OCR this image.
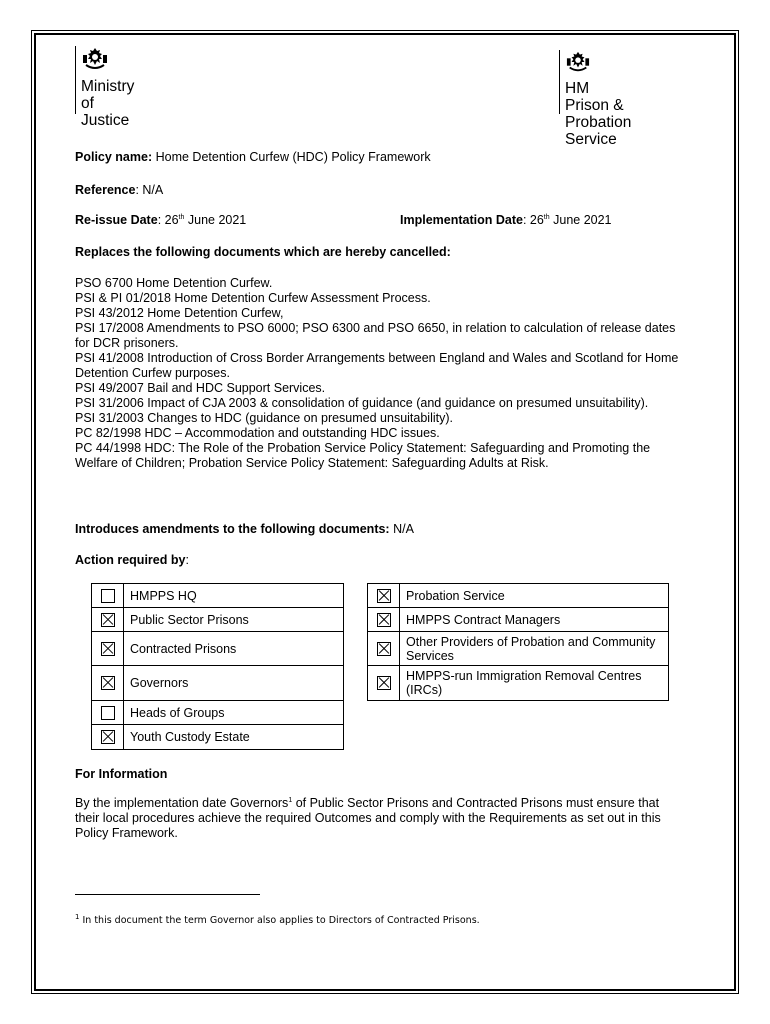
Ministry
of Justice
HM Prison &
Probation Service
Policy name: Home Detention Curfew (HDC) Policy Framework
Reference: N/A
Re-issue Date: 26th June 2021	Implementation Date: 26th June 2021
Replaces the following documents which are hereby cancelled:
PSO 6700 Home Detention Curfew.
PSI & PI 01/2018 Home Detention Curfew Assessment Process.
PSI 43/2012 Home Detention Curfew,
PSI 17/2008 Amendments to PSO 6000; PSO 6300 and PSO 6650, in relation to calculation of release dates for DCR prisoners.
PSI 41/2008 Introduction of Cross Border Arrangements between England and Wales and Scotland for Home Detention Curfew purposes.
PSI 49/2007 Bail and HDC Support Services.
PSI 31/2006 Impact of CJA 2003 & consolidation of guidance (and guidance on presumed unsuitability).
PSI 31/2003 Changes to HDC (guidance on presumed unsuitability).
PC 82/1998 HDC – Accommodation and outstanding HDC issues.
PC 44/1998 HDC: The Role of the Probation Service Policy Statement: Safeguarding and Promoting the Welfare of Children; Probation Service Policy Statement: Safeguarding Adults at Risk.
Introduces amendments to the following documents: N/A
Action required by:
	HMPPS HQ
	Public Sector Prisons
	Contracted Prisons
	Governors
	Heads of Groups
	Youth Custody Estate
	Probation Service
	HMPPS Contract Managers
	Other Providers of Probation and Community Services
	HMPPS-run Immigration Removal Centres (IRCs)
For Information
By the implementation date Governors$^1$ of Public Sector Prisons and Contracted Prisons must ensure that their local procedures achieve the required Outcomes and comply with the Requirements as set out in this Policy Framework.
$^1$ In this document the term Governor also applies to Directors of Contracted Prisons.
